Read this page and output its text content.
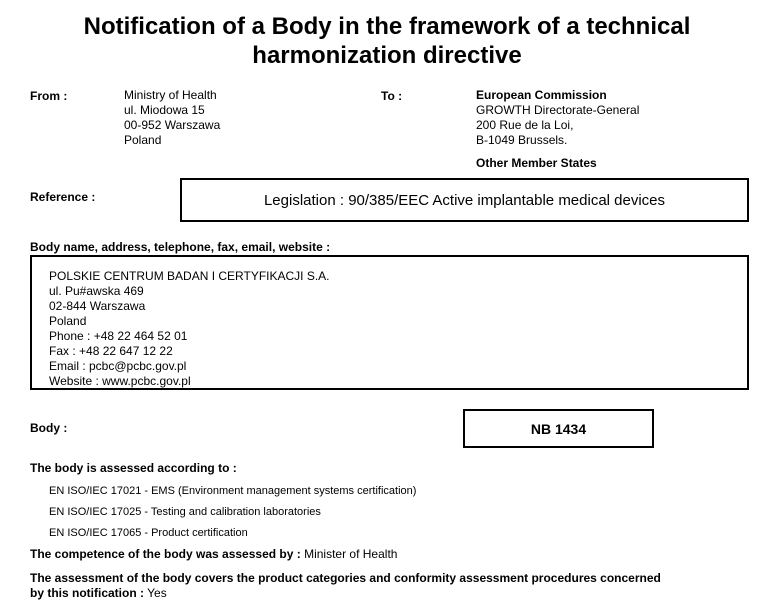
Notification of a Body in the framework of a technical
harmonization directive
From :	Ministry of Health
ul. Miodowa 15
00-952 Warszawa
Poland
To :	European Commission
GROWTH Directorate-General
200 Rue de la Loi,
B-1049 Brussels.
Other Member States
Reference :	Legislation : 90/385/EEC Active implantable medical devices
Body name, address, telephone, fax, email, website :
POLSKIE CENTRUM BADAN I CERTYFIKACJI S.A.
ul. Pu#awska 469
02-844 Warszawa
Poland
Phone : +48 22 464 52 01
Fax : +48 22 647 12 22
Email : pcbc@pcbc.gov.pl
Website : www.pcbc.gov.pl
Body :	NB 1434
The body is assessed according to :
EN ISO/IEC 17021 - EMS (Environment management systems certification)
EN ISO/IEC 17025 - Testing and calibration laboratories
EN ISO/IEC 17065 - Product certification
The competence of the body was assessed by : Minister of Health
The assessment of the body covers the product categories and conformity assessment procedures concerned
by this notification : Yes
